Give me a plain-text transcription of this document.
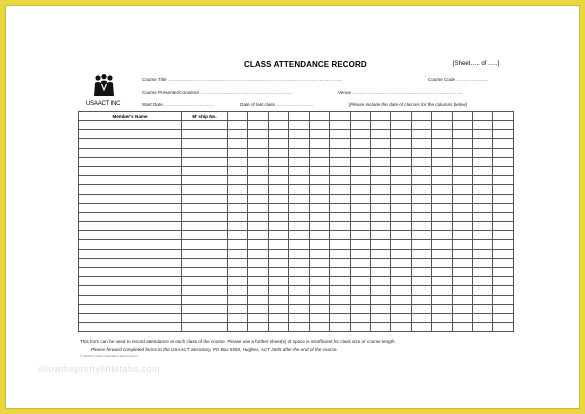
CLASS ATTENDANCE RECORD	[Sheet….. of …..]
USAACT INC
Course Title ……………………………………………………………………………………………………	Course Code …………………
Course Presenter/Convenor ……………………………………………………	Venue ………………………………………………………………
Start Date……………………………	Date of last class ……………………	[Please include the date of classes for the columns below]
Member's Name	M' ship No.														

This form can be used to record attendance at each class of the course. Please use a further sheet(s) of space is insufficient for class size or course length.
Please forward completed forms to the USAACT Secretary, PO Box 5550, Hughes, ACT 2605 after the end of the course.
© USAACT Class Attendance Record Form
ollowtheprettylittletabs.com
